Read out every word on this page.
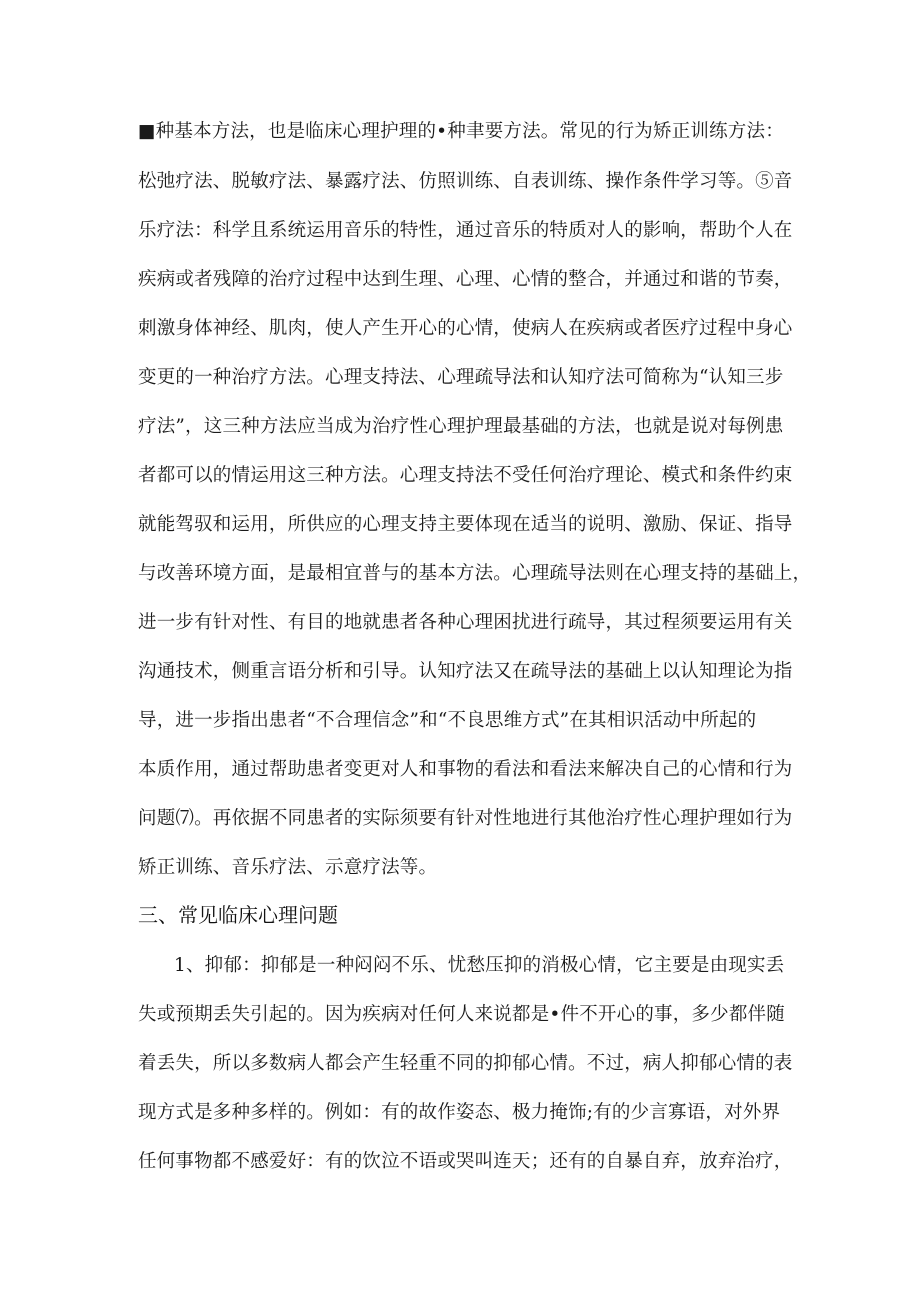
■种基本方法，也是临床心理护理的•种聿要方法。常见的行为矫正训练方法：
松弛疗法、脱敏疗法、暴露疗法、仿照训练、自表训练、操作条件学习等。⑤音
乐疗法：科学且系统运用音乐的特性，通过音乐的特质对人的影响，帮助个人在
疾病或者残障的治疗过程中达到生理、心理、心情的整合，并通过和谐的节奏，
刺激身体神经、肌肉，使人产生开心的心情，使病人在疾病或者医疗过程中身心
变更的一种治疗方法。心理支持法、心理疏导法和认知疗法可简称为“认知三步
疗法”，这三种方法应当成为治疗性心理护理最基础的方法，也就是说对每例患
者都可以的情运用这三种方法。心理支持法不受任何治疗理论、模式和条件约束
就能驾驭和运用，所供应的心理支持主要体现在适当的说明、激励、保证、指导
与改善环境方面，是最相宜普与的基本方法。心理疏导法则在心理支持的基础上，
进一步有针对性、有目的地就患者各种心理困扰进行疏导，其过程须要运用有关
沟通技术，侧重言语分析和引导。认知疗法又在疏导法的基础上以认知理论为指
导，进一步指出患者“不合理信念”和“不良思维方式”在其相识活动中所起的
本质作用，通过帮助患者变更对人和事物的看法和看法来解决自己的心情和行为
问题⑺。再依据不同患者的实际须要有针对性地进行其他治疗性心理护理如行为
矫正训练、音乐疗法、示意疗法等。
三、常见临床心理问题
1、抑郁：抑郁是一种闷闷不乐、忧愁压抑的消极心情，它主要是由现实丢
失或预期丢失引起的。因为疾病对任何人来说都是•件不开心的事，多少都伴随
着丢失，所以多数病人都会产生轻重不同的抑郁心情。不过，病人抑郁心情的表
现方式是多种多样的。例如：有的故作姿态、极力掩饰;有的少言寡语，对外界
任何事物都不感爱好：有的饮泣不语或哭叫连天；还有的自暴自弃，放弃治疗，
